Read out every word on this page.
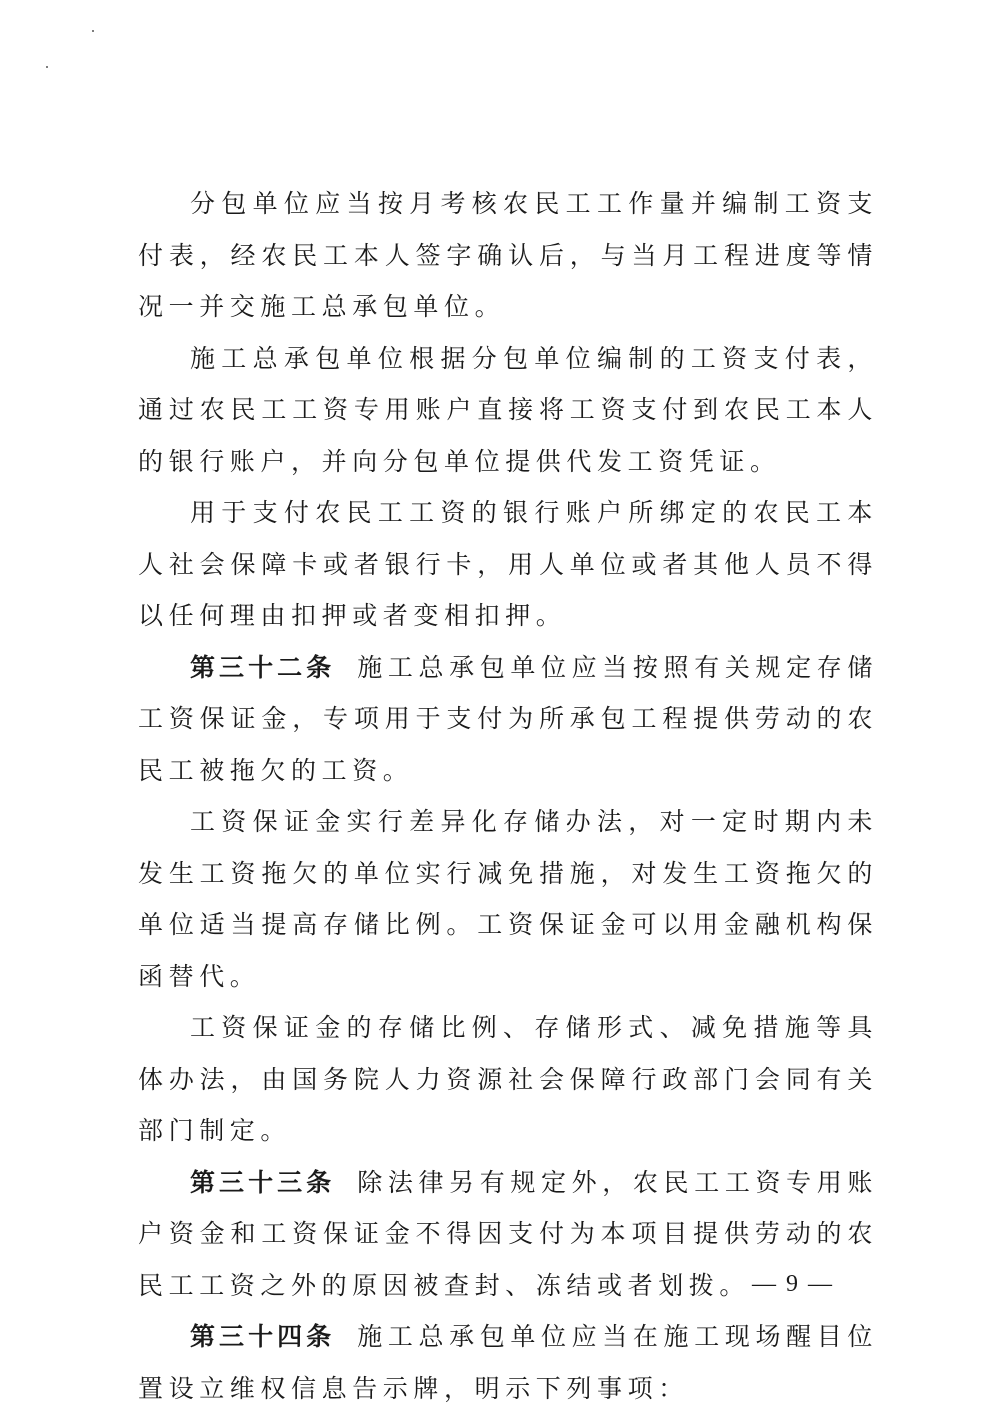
分包单位应当按月考核农民工工作量并编制工资支付表，经农民工本人签字确认后，与当月工程进度等情况一并交施工总承包单位。

施工总承包单位根据分包单位编制的工资支付表，通过农民工工资专用账户直接将工资支付到农民工本人的银行账户，并向分包单位提供代发工资凭证。

用于支付农民工工资的银行账户所绑定的农民工本人社会保障卡或者银行卡，用人单位或者其他人员不得以任何理由扣押或者变相扣押。

第三十二条 施工总承包单位应当按照有关规定存储工资保证金，专项用于支付为所承包工程提供劳动的农民工被拖欠的工资。

工资保证金实行差异化存储办法，对一定时期内未发生工资拖欠的单位实行减免措施，对发生工资拖欠的单位适当提高存储比例。工资保证金可以用金融机构保函替代。

工资保证金的存储比例、存储形式、减免措施等具体办法，由国务院人力资源社会保障行政部门会同有关部门制定。

第三十三条 除法律另有规定外，农民工工资专用账户资金和工资保证金不得因支付为本项目提供劳动的农民工工资之外的原因被查封、冻结或者划拨。

第三十四条 施工总承包单位应当在施工现场醒目位置设立维权信息告示牌，明示下列事项：

— 9 —
